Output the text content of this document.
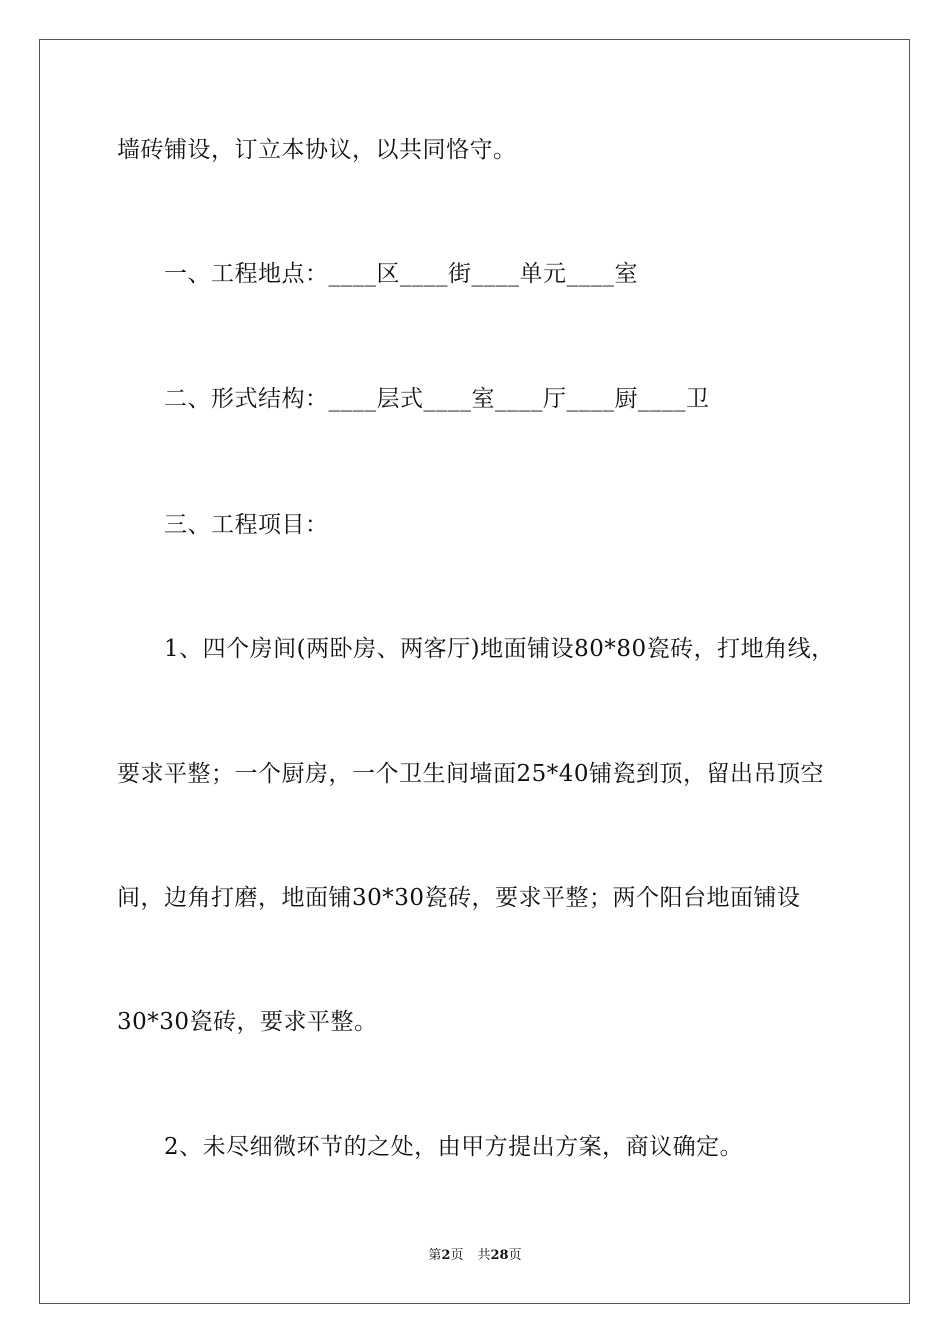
墙砖铺设，订立本协议，以共同恪守。
一、工程地点：____区____街____单元____室
二、形式结构：____层式____室____厅____厨____卫
三、工程项目：
1、四个房间(两卧房、两客厅)地面铺设80*80瓷砖，打地角线，
要求平整；一个厨房，一个卫生间墙面25*40铺瓷到顶，留出吊顶空
间，边角打磨，地面铺30*30瓷砖，要求平整；两个阳台地面铺设
30*30瓷砖，要求平整。
2、未尽细微环节的之处，由甲方提出方案，商议确定。
第2页 共28页
